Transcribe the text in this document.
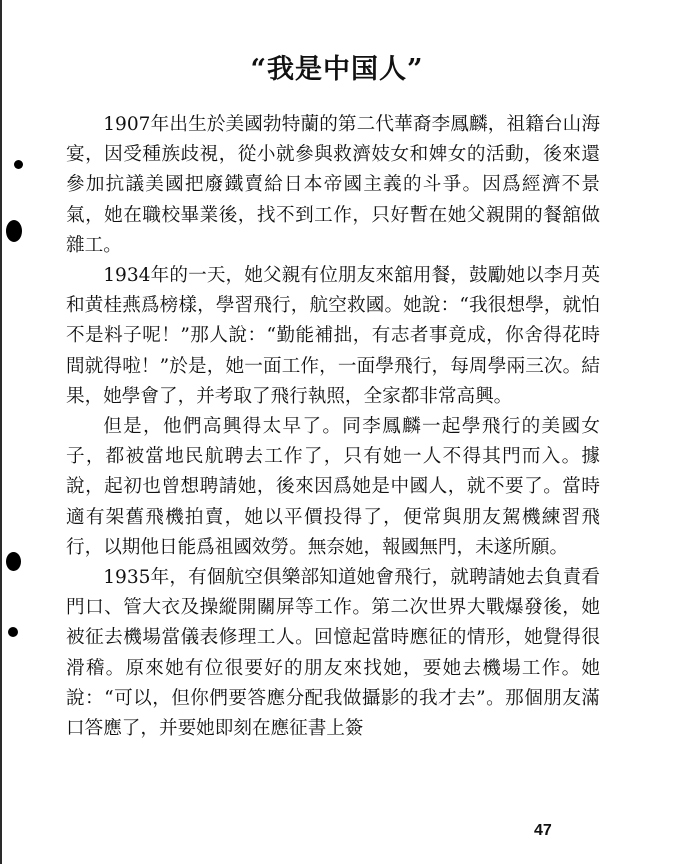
“我是中国人”

1907年出生於美國勃特蘭的第二代華裔李鳳麟，祖籍台山海宴，因受種族歧視，從小就參與救濟妓女和婢女的活動，後來還參加抗議美國把廢鐵賣給日本帝國主義的斗爭。因爲經濟不景氣，她在職校畢業後，找不到工作，只好暫在她父親開的餐舘做雜工。

1934年的一天，她父親有位朋友來舘用餐，鼓勵她以李月英和黄桂燕爲榜樣，學習飛行，航空救國。她說：“我很想學，就怕不是料子呢！”那人說：“勤能補拙，有志者事竟成，你舍得花時間就得啦！”於是，她一面工作，一面學飛行，每周學兩三次。結果，她學會了，并考取了飛行執照，全家都非常高興。

但是，他們高興得太早了。同李鳳麟一起學飛行的美國女子，都被當地民航聘去工作了，只有她一人不得其門而入。據說，起初也曾想聘請她，後來因爲她是中國人，就不要了。當時適有架舊飛機拍賣，她以平價投得了，便常與朋友駕機練習飛行，以期他日能爲祖國效勞。無奈她，報國無門，未遂所願。

1935年，有個航空俱樂部知道她會飛行，就聘請她去負責看門口、管大衣及操縱開關屏等工作。第二次世界大戰爆發後，她被征去機場當儀表修理工人。回憶起當時應征的情形，她覺得很滑稽。原來她有位很要好的朋友來找她，要她去機場工作。她說：“可以，但你們要答應分配我做攝影的我才去”。那個朋友滿口答應了，并要她即刻在應征書上簽

47
